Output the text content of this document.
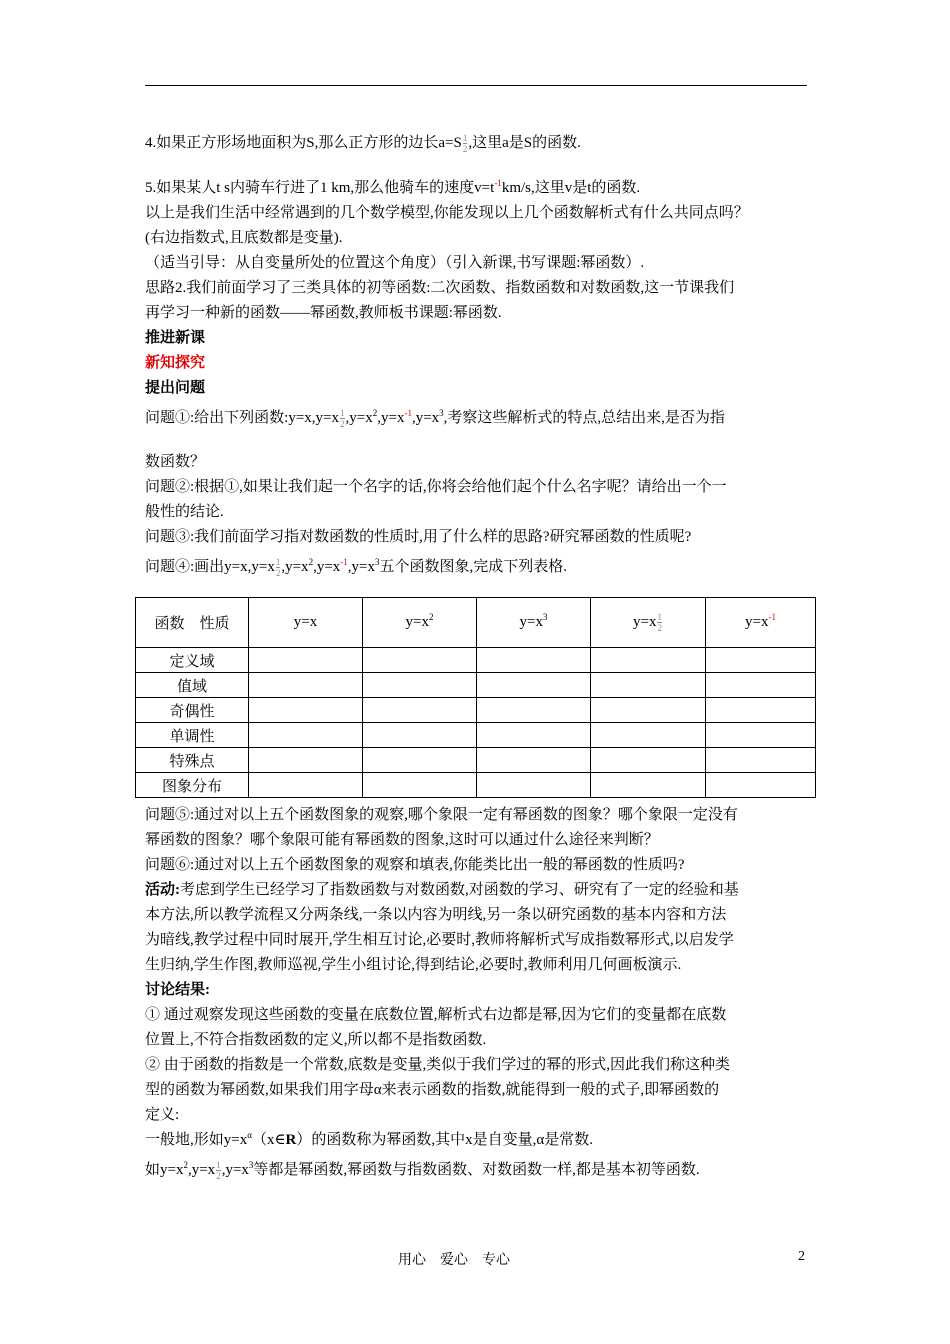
4.如果正方形场地面积为S,那么正方形的边长$a=S \frac{1}{2}$ ,这里a是S的函数.
5.如果某人t s内骑车行进了1 km,那么他骑车的速度$v=t^{-1}km/s$,这里v是t的函数.
以上是我们生活中经常遇到的几个数学模型,你能发现以上几个函数解析式有什么共同点吗？
(右边指数式,且底数都是变量).
（适当引导：从自变量所处的位置这个角度）（引入新课,书写课题:幂函数）.
思路2.我们前面学习了三类具体的初等函数:二次函数、指数函数和对数函数,这一节课我们
再学习一种新的函数——幂函数,教师板书课题:幂函数.
推进新课
新知探究
提出问题
问题①:给出下列函数:y=x,y=x $\frac{1}{2} ,y=x^2,y=x^{-1},y=x^3$,考察这些解析式的特点,总结出来,是否为指
数函数？
问题②:根据①,如果让我们起一个名字的话,你将会给他们起个什么名字呢？请给出一个一
般性的结论.
问题③:我们前面学习指对数函数的性质时,用了什么样的思路?研究幂函数的性质呢?
问题④:画出$y=x,y=x \frac{1}{2} ,y=x^2,y=x^{-1},y=x^3$五个函数图象,完成下列表格.
函数　性质	y=x	$y=x^2$	$y=x^3$	$y=x \frac{1}{2}$	$y=x^{-1}$
定义域					
值域					
奇偶性					
单调性					
特殊点					
图象分布					
问题⑤:通过对以上五个函数图象的观察,哪个象限一定有幂函数的图象？哪个象限一定没有
幂函数的图象？哪个象限可能有幂函数的图象,这时可以通过什么途径来判断？
问题⑥:通过对以上五个函数图象的观察和填表,你能类比出一般的幂函数的性质吗?
活动:考虑到学生已经学习了指数函数与对数函数,对函数的学习、研究有了一定的经验和基
本方法,所以教学流程又分两条线,一条以内容为明线,另一条以研究函数的基本内容和方法
为暗线,教学过程中同时展开,学生相互讨论,必要时,教师将解析式写成指数幂形式,以启发学
生归纳,学生作图,教师巡视,学生小组讨论,得到结论,必要时,教师利用几何画板演示.
讨论结果:
① 通过观察发现这些函数的变量在底数位置,解析式右边都是幂,因为它们的变量都在底数
位置上,不符合指数函数的定义,所以都不是指数函数.
② 由于函数的指数是一个常数,底数是变量,类似于我们学过的幂的形式,因此我们称这种类
型的函数为幂函数,如果我们用字母α来表示函数的指数,就能得到一般的式子,即幂函数的
定义:
一般地,形如$y=x^\alpha(x\in R)$的函数称为幂函数,其中x是自变量,α是常数.
如$y=x^2,y=x \frac{1}{2} ,y=x^3$等都是幂函数,幂函数与指数函数、对数函数一样,都是基本初等函数.
用心　爱心　专心	2
